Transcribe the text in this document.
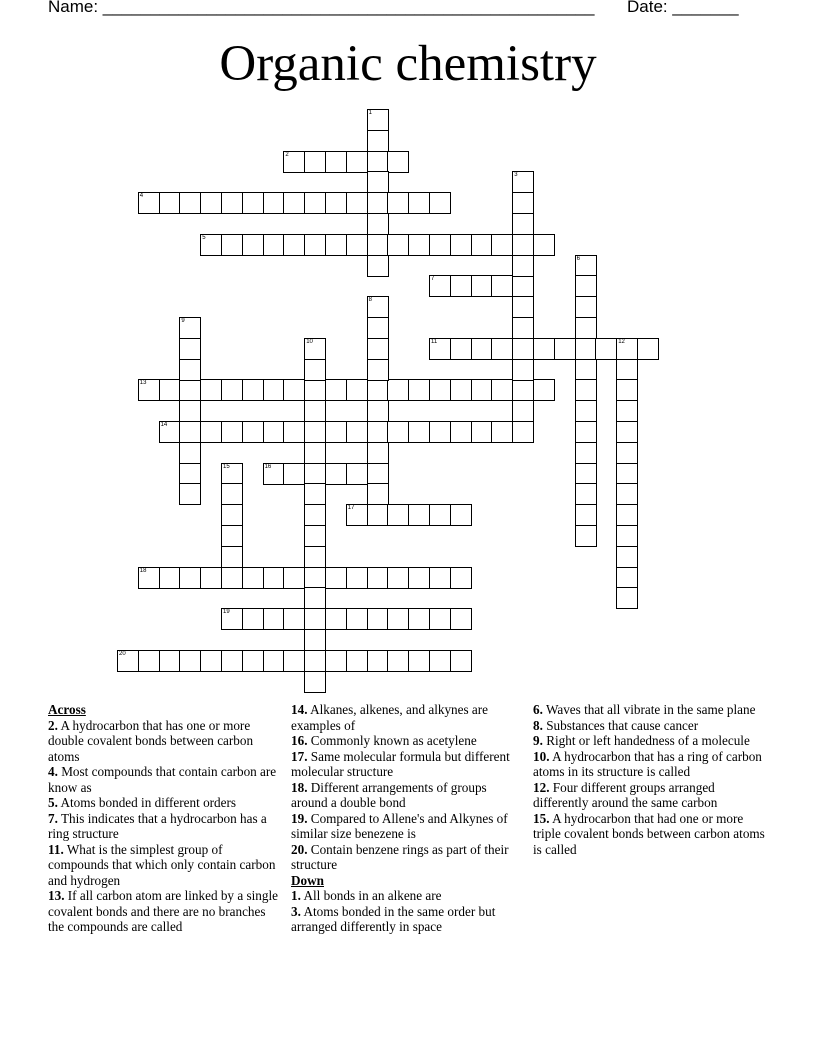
Name: ____________________________________________________ Date: _______
Organic chemistry
2
4
5
7
11	12
13
14
16
17
18
19
20
1
3
6
8
9
10
15
Across

2. A hydrocarbon that has one or more double covalent bonds between carbon atoms

4. Most compounds that contain carbon are know as

5. Atoms bonded in different orders

7. This indicates that a hydrocarbon has a ring structure

11. What is the simplest group of compounds that which only contain carbon and hydrogen

13. If all carbon atom are linked by a single covalent bonds and there are no branches the compounds are called

14. Alkanes, alkenes, and alkynes are examples of

16. Commonly known as acetylene

17. Same molecular formula but different molecular structure

18. Different arrangements of groups around a double bond

19. Compared to Allene's and Alkynes of similar size benezene is

20. Contain benzene rings as part of their structure

Down

1. All bonds in an alkene are

3. Atoms bonded in the same order but arranged differently in space

6. Waves that all vibrate in the same plane

8. Substances that cause cancer

9. Right or left handedness of a molecule

10. A hydrocarbon that has a ring of carbon atoms in its structure is called

12. Four different groups arranged differently around the same carbon

15. A hydrocarbon that had one or more triple covalent bonds between carbon atoms is called
